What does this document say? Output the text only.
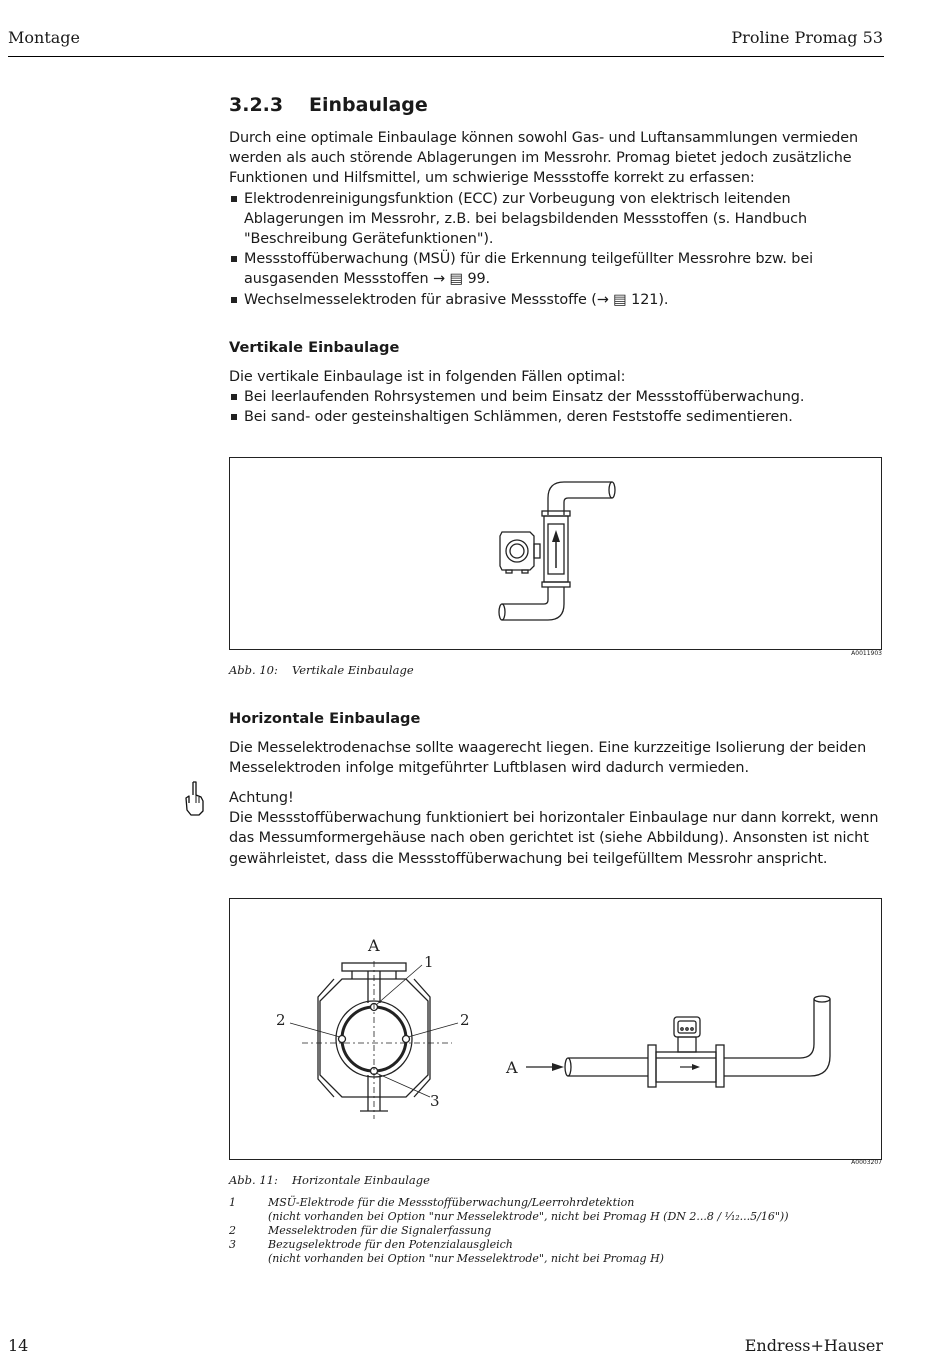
Montage	Proline Promag 53
3.2.3 Einbaulage

Durch eine optimale Einbaulage können sowohl Gas- und Luftansammlungen vermieden werden als auch störende Ablagerungen im Messrohr. Promag bietet jedoch zusätzliche Funktionen und Hilfsmittel, um schwierige Messstoffe korrekt zu erfassen:

Elektrodenreinigungsfunktion (ECC) zur Vorbeugung von elektrisch leitenden Ablagerungen im Messrohr, z.B. bei belagsbildenden Messstoffen (s. Handbuch "Beschreibung Gerätefunktionen").

Messstoffüberwachung (MSÜ) für die Erkennung teilgefüllter Messrohre bzw. bei ausgasenden Messstoffen → ▤ 99.

Wechselmesselektroden für abrasive Messstoffe (→ ▤ 121).

Vertikale Einbaulage

Die vertikale Einbaulage ist in folgenden Fällen optimal:

Bei leerlaufenden Rohrsystemen und beim Einsatz der Messstoffüberwachung.

Bei sand- oder gesteinshaltigen Schlämmen, deren Feststoffe sedimentieren.

A0011903
Abb. 10: Vertikale Einbaulage
Horizontale Einbaulage
Die Messelektrodenachse sollte waagerecht liegen. Eine kurzzeitige Isolierung der beiden Messelektroden infolge mitgeführter Luftblasen wird dadurch vermieden.

Achtung!

Die Messstoffüberwachung funktioniert bei horizontaler Einbaulage nur dann korrekt, wenn das Messumformergehäuse nach oben gerichtet ist (siehe Abbildung). Ansonsten ist nicht gewährleistet, dass die Messstoffüberwachung bei teilgefülltem Messrohr anspricht.

A
1
2	2
3
A
A0003207
Abb. 11: Horizontale Einbaulage
1	MSÜ-Elektrode für die Messstoffüberwachung/Leerrohrdetektion
(nicht vorhanden bei Option "nur Messelektrode", nicht bei Promag H (DN 2...8 / ¹⁄₁₂...5/16"))
2	Messelektroden für die Signalerfassung
3	Bezugselektrode für den Potenzialausgleich
(nicht vorhanden bei Option "nur Messelektrode", nicht bei Promag H)
14	Endress+Hauser
